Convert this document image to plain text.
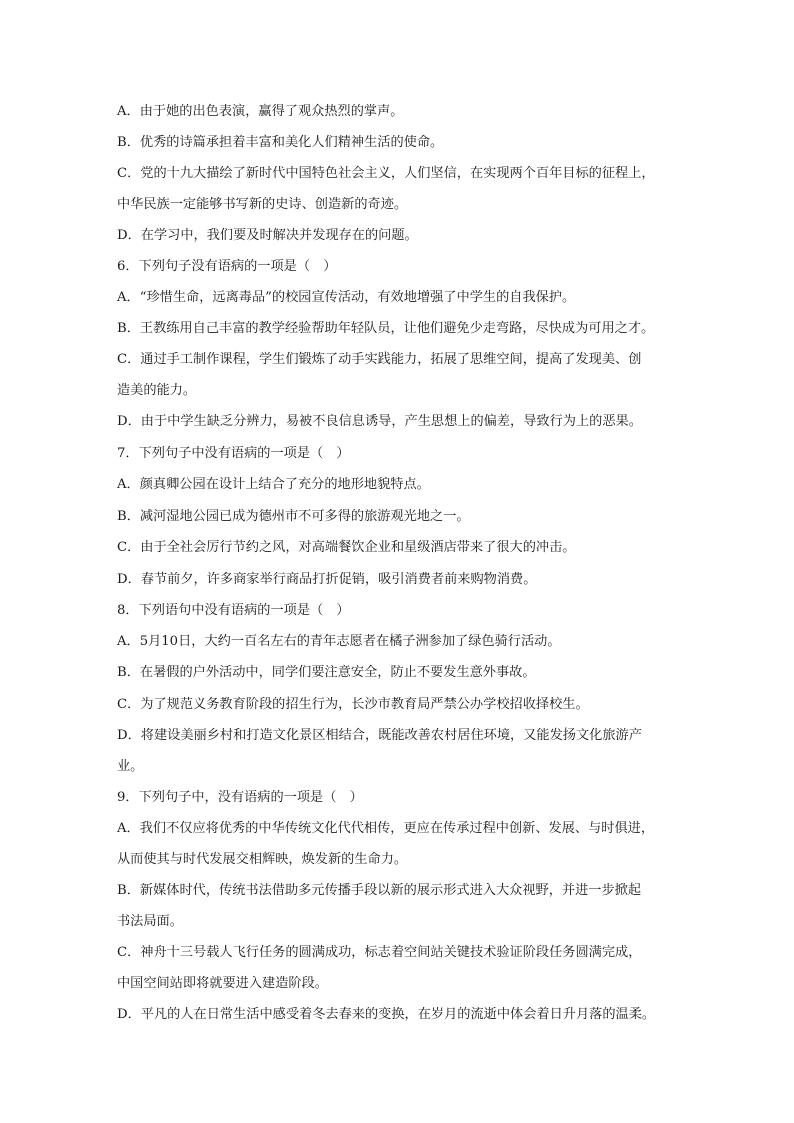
A．由于她的出色表演，赢得了观众热烈的掌声。
B．优秀的诗篇承担着丰富和美化人们精神生活的使命。
C．党的十九大描绘了新时代中国特色社会主义，人们坚信，在实现两个百年目标的征程上，
中华民族一定能够书写新的史诗、创造新的奇迹。
D．在学习中，我们要及时解决并发现存在的问题。
6．下列句子没有语病的一项是（　）
A．“珍惜生命，远离毒品”的校园宣传活动，有效地增强了中学生的自我保护。
B．王教练用自己丰富的教学经验帮助年轻队员，让他们避免少走弯路，尽快成为可用之才。
C．通过手工制作课程，学生们锻炼了动手实践能力，拓展了思维空间，提高了发现美、创
造美的能力。
D．由于中学生缺乏分辨力，易被不良信息诱导，产生思想上的偏差，导致行为上的恶果。
7．下列句子中没有语病的一项是（　）
A．颜真卿公园在设计上结合了充分的地形地貌特点。
B．减河湿地公园已成为德州市不可多得的旅游观光地之一。
C．由于全社会厉行节约之风，对高端餐饮企业和星级酒店带来了很大的冲击。
D．春节前夕，许多商家举行商品打折促销，吸引消费者前来购物消费。
8．下列语句中没有语病的一项是（　）
A．5月10日，大约一百名左右的青年志愿者在橘子洲参加了绿色骑行活动。
B．在暑假的户外活动中，同学们要注意安全，防止不要发生意外事故。
C．为了规范义务教育阶段的招生行为，长沙市教育局严禁公办学校招收择校生。
D．将建设美丽乡村和打造文化景区相结合，既能改善农村居住环境，又能发扬文化旅游产
业。
9．下列句子中，没有语病的一项是（　）
A．我们不仅应将优秀的中华传统文化代代相传，更应在传承过程中创新、发展、与时俱进，
从而使其与时代发展交相辉映，焕发新的生命力。
B．新媒体时代，传统书法借助多元传播手段以新的展示形式进入大众视野，并进一步掀起
书法局面。
C．神舟十三号载人飞行任务的圆满成功，标志着空间站关键技术验证阶段任务圆满完成，
中国空间站即将就要进入建造阶段。
D．平凡的人在日常生活中感受着冬去春来的变换，在岁月的流逝中体会着日升月落的温柔。
